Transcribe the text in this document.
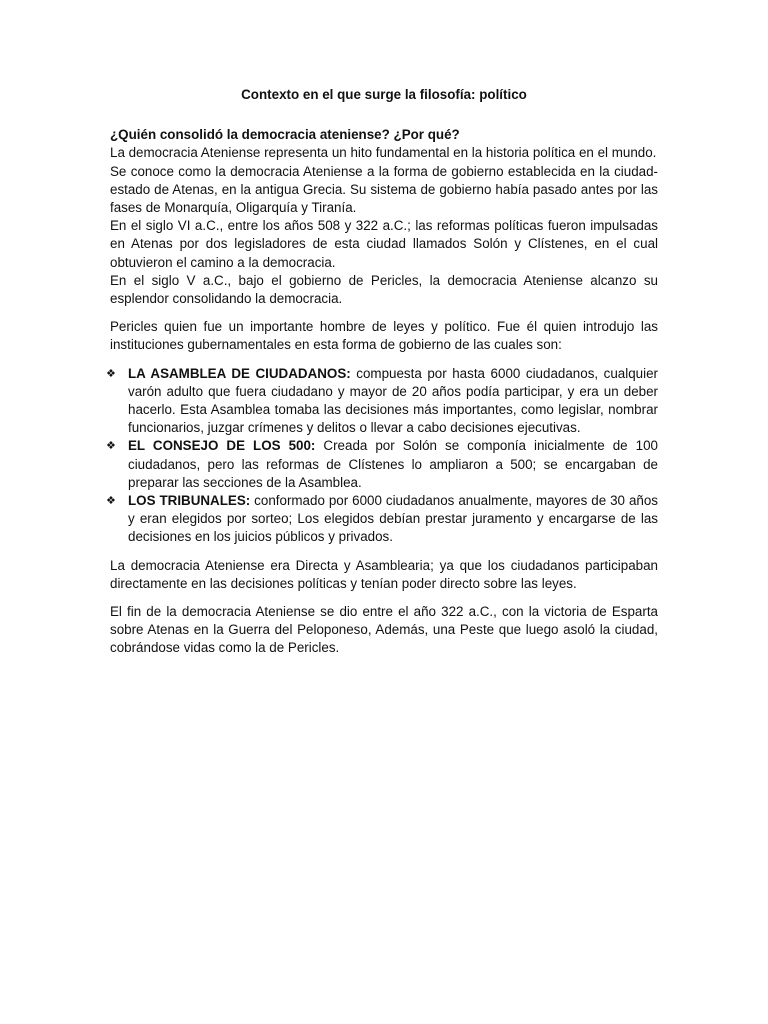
Contexto en el que surge la filosofía: político
¿Quién consolidó la democracia ateniense? ¿Por qué?

La democracia Ateniense representa un hito fundamental en la historia política en el mundo.

Se conoce como la democracia Ateniense a la forma de gobierno establecida en la ciudad-estado de Atenas, en la antigua Grecia. Su sistema de gobierno había pasado antes por las fases de Monarquía, Oligarquía y Tiranía.

En el siglo VI a.C., entre los años 508 y 322 a.C.; las reformas políticas fueron impulsadas en Atenas por dos legisladores de esta ciudad llamados Solón y Clístenes, en el cual obtuvieron el camino a la democracia.

En el siglo V a.C., bajo el gobierno de Pericles, la democracia Ateniense alcanzo su esplendor consolidando la democracia.

Pericles quien fue un importante hombre de leyes y político. Fue él quien introdujo las instituciones gubernamentales en esta forma de gobierno de las cuales son:

❖ LA ASAMBLEA DE CIUDADANOS: compuesta por hasta 6000 ciudadanos, cualquier varón adulto que fuera ciudadano y mayor de 20 años podía participar, y era un deber hacerlo. Esta Asamblea tomaba las decisiones más importantes, como legislar, nombrar funcionarios, juzgar crímenes y delitos o llevar a cabo decisiones ejecutivas.
❖ EL CONSEJO DE LOS 500: Creada por Solón se componía inicialmente de 100 ciudadanos, pero las reformas de Clístenes lo ampliaron a 500; se encargaban de preparar las secciones de la Asamblea.
❖ LOS TRIBUNALES: conformado por 6000 ciudadanos anualmente, mayores de 30 años y eran elegidos por sorteo; Los elegidos debían prestar juramento y encargarse de las decisiones en los juicios públicos y privados.

La democracia Ateniense era Directa y Asamblearia; ya que los ciudadanos participaban directamente en las decisiones políticas y tenían poder directo sobre las leyes.

El fin de la democracia Ateniense se dio entre el año 322 a.C., con la victoria de Esparta sobre Atenas en la Guerra del Peloponeso, Además, una Peste que luego asoló la ciudad, cobrándose vidas como la de Pericles.
